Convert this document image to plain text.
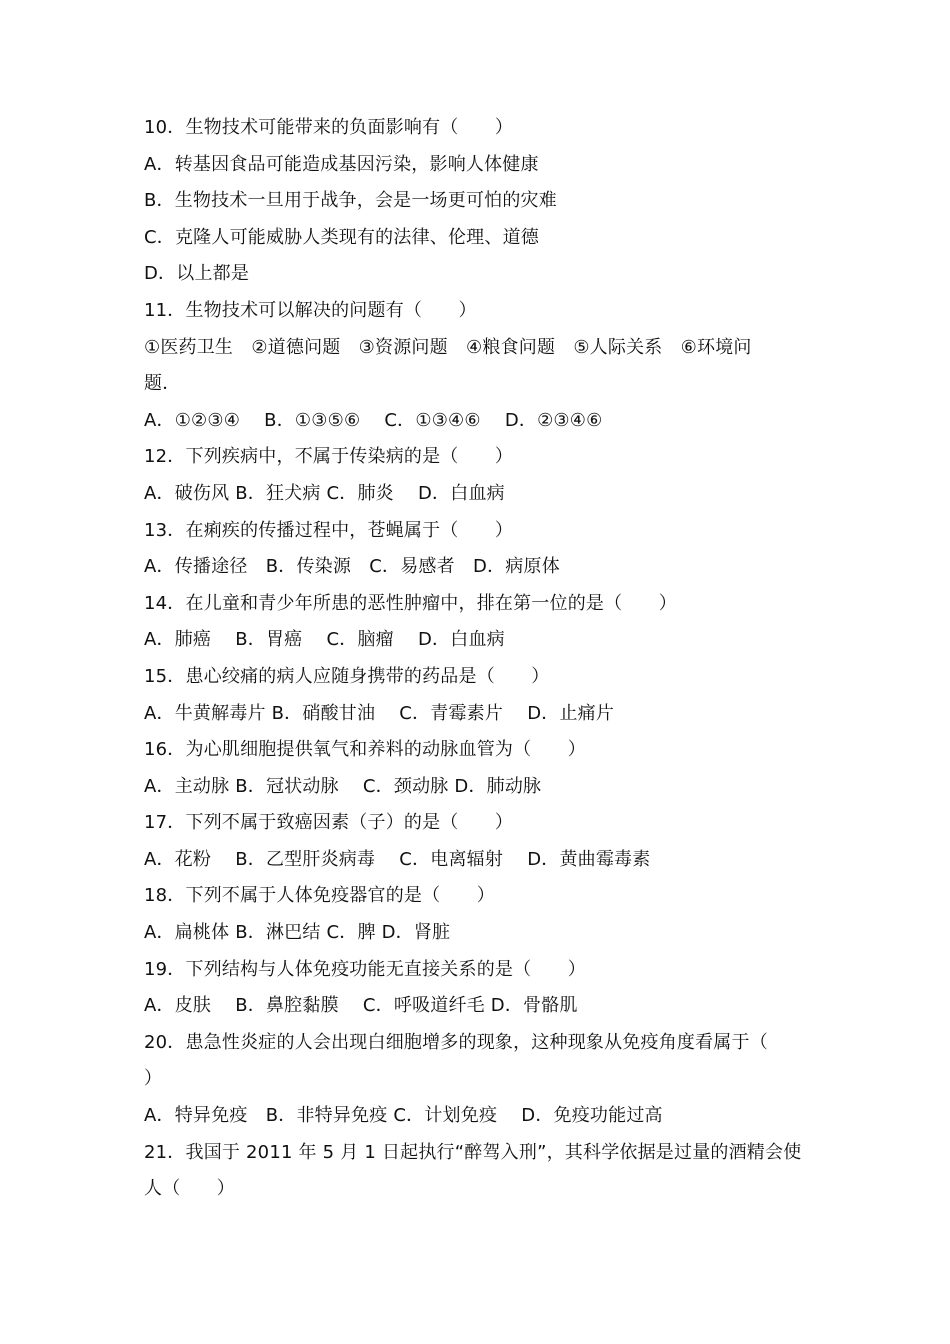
10．生物技术可能带来的负面影响有（　　）
A．转基因食品可能造成基因污染，影响人体健康
B．生物技术一旦用于战争，会是一场更可怕的灾难
C．克隆人可能威胁人类现有的法律、伦理、道德
D．以上都是
11．生物技术可以解决的问题有（　　）
①医药卫生　②道德问题　③资源问题　④粮食问题　⑤人际关系　⑥环境问
题．
A．①②③④　 B．①③⑤⑥　 C．①③④⑥　 D．②③④⑥
12．下列疾病中，不属于传染病的是（　　）
A．破伤风 B．狂犬病 C．肺炎　 D．白血病
13．在痢疾的传播过程中，苍蝇属于（　　）
A．传播途径　B．传染源　C．易感者　D．病原体
14．在儿童和青少年所患的恶性肿瘤中，排在第一位的是（　　）
A．肺癌　 B．胃癌　 C．脑瘤　 D．白血病
15．患心绞痛的病人应随身携带的药品是（　　）
A．牛黄解毒片 B．硝酸甘油　 C．青霉素片　 D．止痛片
16．为心肌细胞提供氧气和养料的动脉血管为（　　）
A．主动脉 B．冠状动脉　 C．颈动脉 D．肺动脉
17．下列不属于致癌因素（子）的是（　　）
A．花粉　 B．乙型肝炎病毒　 C．电离辐射　 D．黄曲霉毒素
18．下列不属于人体免疫器官的是（　　）
A．扁桃体 B．淋巴结 C．脾 D．肾脏
19．下列结构与人体免疫功能无直接关系的是（　　）
A．皮肤　 B．鼻腔黏膜　 C．呼吸道纤毛 D．骨骼肌
20．患急性炎症的人会出现白细胞增多的现象，这种现象从免疫角度看属于（
）
A．特异免疫　B．非特异免疫 C．计划免疫　 D．免疫功能过高
21．我国于 2011 年 5 月 1 日起执行“醉驾入刑”，其科学依据是过量的酒精会使
人（　　）
